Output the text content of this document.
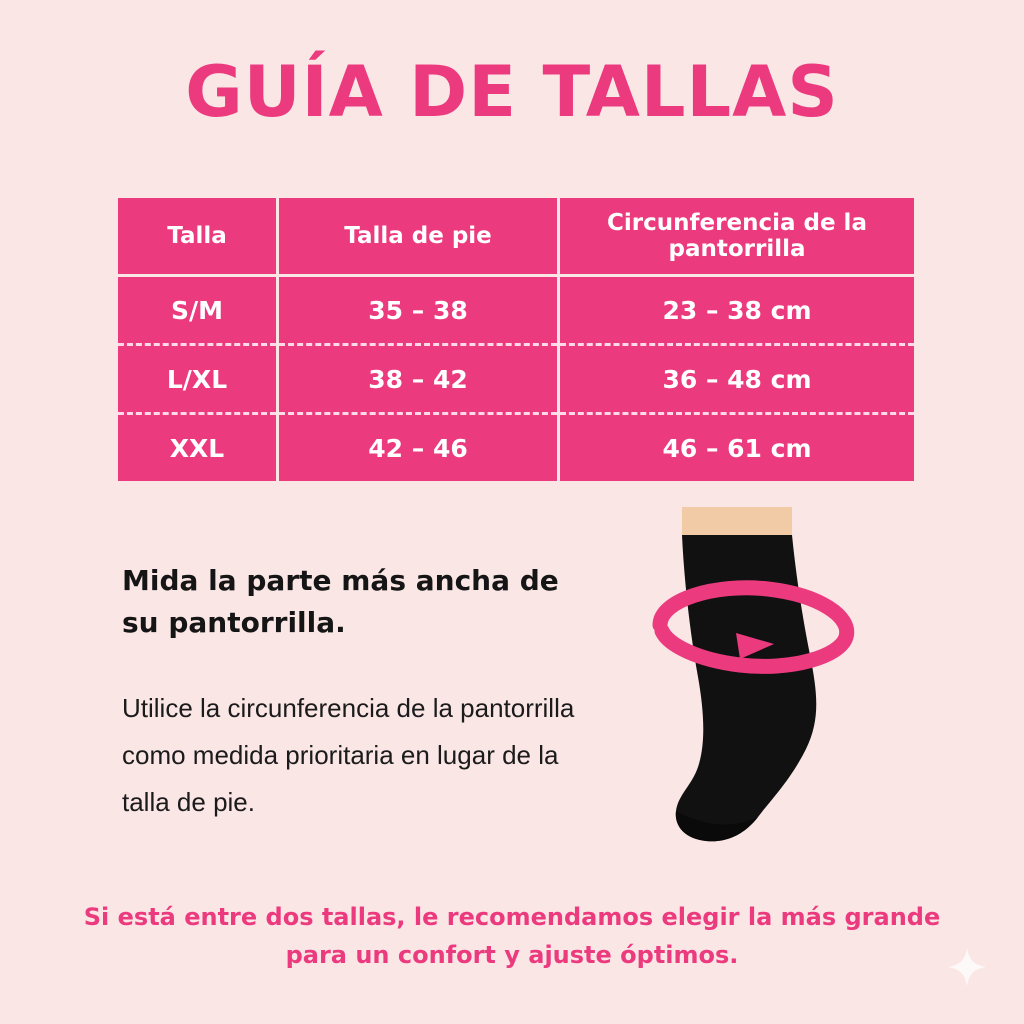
GUÍA DE TALLAS
Talla	Talla de pie	Circunferencia de la pantorrilla
S/M	35 – 38	23 – 38 cm
L/XL	38 – 42	36 – 48 cm
XXL	42 – 46	46 – 61 cm
Mida la parte más ancha de su pantorrilla.
Utilice la circunferencia de la pantorrilla como medida prioritaria en lugar de la talla de pie.
Si está entre dos tallas, le recomendamos elegir la más grande para un confort y ajuste óptimos.
